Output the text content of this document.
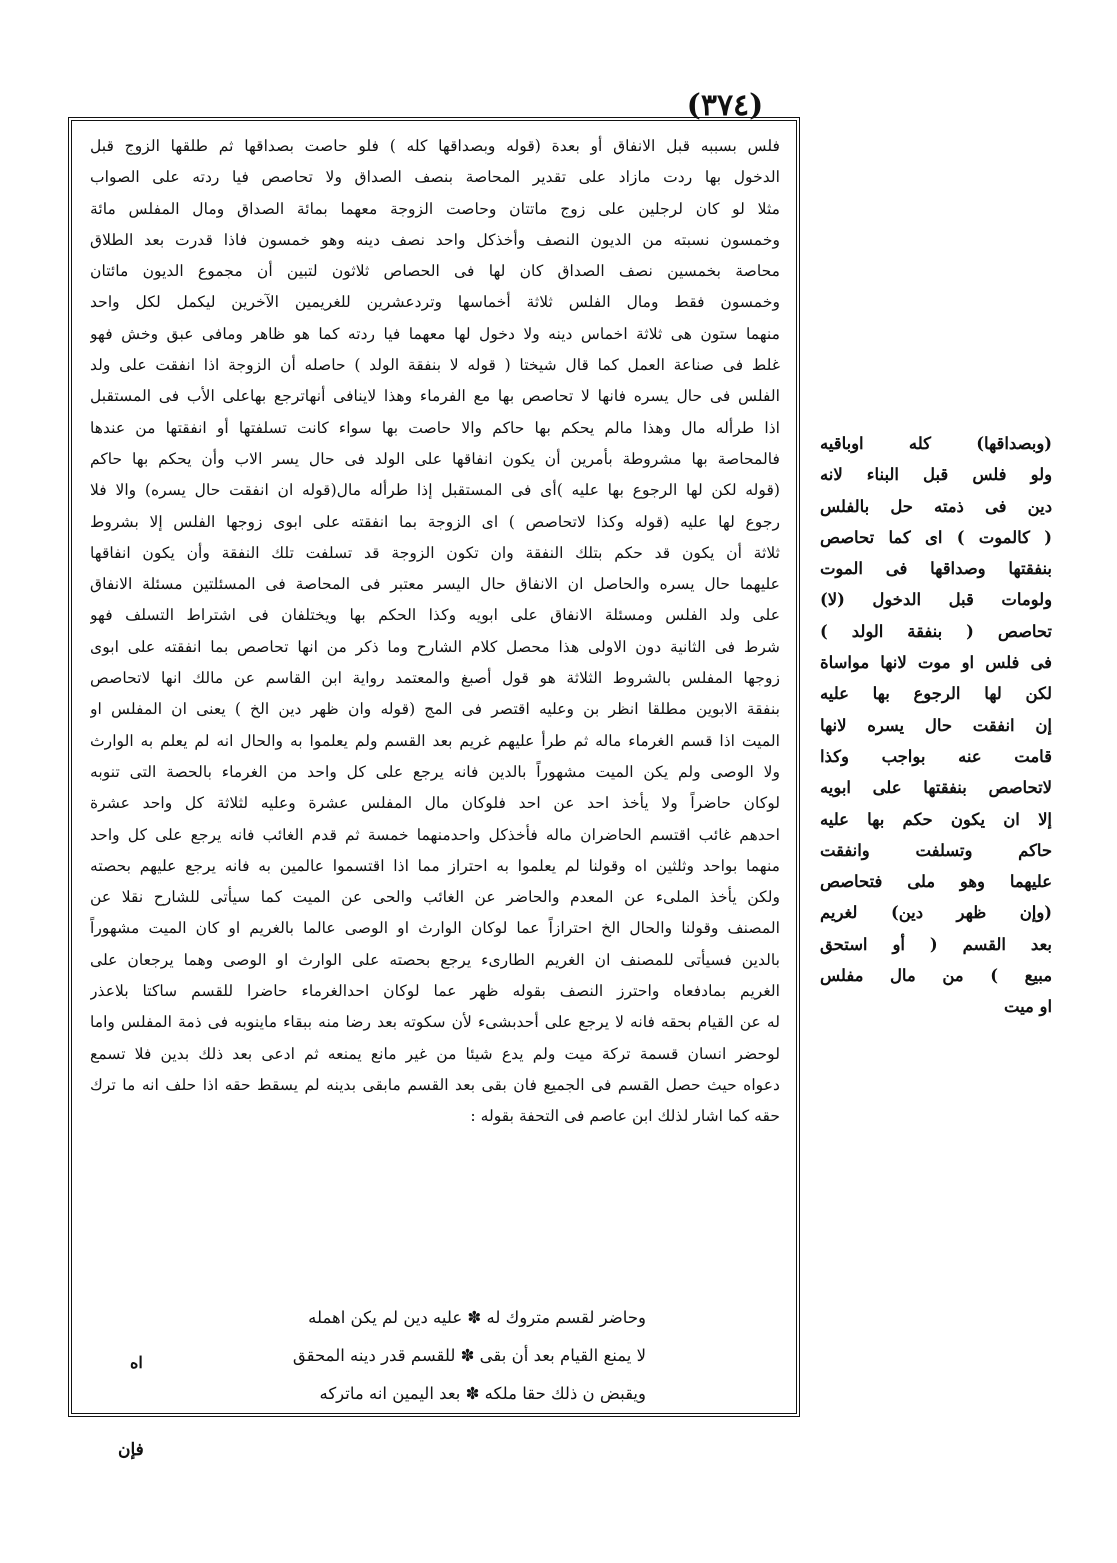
(٣٧٤)
فلس بسببه قبل الانفاق أو بعدة (قوله وبصداقها كله ) فلو حاصت بصداقها ثم طلقها الزوج قبل
الدخول بها ردت مازاد على تقدير المحاصة بنصف الصداق ولا تحاصص فيا ردته على الصواب
مثلا لو كان لرجلين على زوج ماتتان وحاصت الزوجة معهما بمائة الصداق ومال المفلس مائة
وخمسون نسبته من الديون النصف وأخذكل واحد نصف دينه وهو خمسون فاذا قدرت بعد الطلاق
محاصة بخمسين نصف الصداق كان لها فى الحصاص ثلاثون لتبين أن مجموع الديون مائتان
وخمسون فقط ومال الفلس ثلاثة أخماسها وتردعشرين للغريمين الآخرين ليكمل لكل واحد
منهما ستون هى ثلاثة اخماس دينه ولا دخول لها معهما فيا ردته كما هو ظاهر ومافى عبق وخش فهو
غلط فى صناعة العمل كما قال شيختا ( قوله لا بنفقة الولد ) حاصله أن الزوجة اذا انفقت على ولد
الفلس فى حال يسره فانها لا تحاصص بها مع الفرماء وهذا لاينافى أنهاترجع بهاعلى الأب فى المستقبل
اذا طرأله مال وهذا مالم يحكم بها حاكم والا حاصت بها سواء كانت تسلفتها أو انفقتها من عندها
فالمحاصة بها مشروطة بأمرين أن يكون انفاقها على الولد فى حال يسر الاب وأن يحكم بها حاكم
(قوله لكن لها الرجوع بها عليه )أى فى المستقبل إذا طرأله مال(قوله ان انفقت حال يسره) والا فلا
رجوع لها عليه (قوله وكذا لاتحاصص ) اى الزوجة بما انفقته على ابوى زوجها الفلس إلا بشروط
ثلاثة أن يكون قد حكم بتلك النفقة وان تكون الزوجة قد تسلفت تلك النفقة وأن يكون انفاقها
عليهما حال يسره والحاصل ان الانفاق حال اليسر معتبر فى المحاصة فى المسئلتين مسئلة الانفاق
على ولد الفلس ومسئلة الانفاق على ابويه وكذا الحكم بها ويختلفان فى اشتراط التسلف فهو
شرط فى الثانية دون الاولى هذا محصل كلام الشارح وما ذكر من انها تحاصص بما انفقته على ابوى
زوجها المفلس بالشروط الثلاثة هو قول أصبغ والمعتمد رواية ابن القاسم عن مالك انها لاتحاصص
بنفقة الابوين مطلقا انظر بن وعليه اقتصر فى المج (قوله وان ظهر دين الخ ) يعنى ان المفلس او
الميت اذا قسم الغرماء ماله ثم طرأ عليهم غريم بعد القسم ولم يعلموا به والحال انه لم يعلم به الوارث
ولا الوصى ولم يكن الميت مشهوراً بالدين فانه يرجع على كل واحد من الغرماء بالحصة التى تنوبه
لوكان حاضراً ولا يأخذ احد عن احد فلوكان مال المفلس عشرة وعليه لثلاثة كل واحد عشرة
احدهم غائب اقتسم الحاضران ماله فأخذكل واحدمنهما خمسة ثم قدم الغائب فانه يرجع على كل واحد
منهما بواحد وثلثين اه وقولنا لم يعلموا به احتراز مما اذا اقتسموا عالمين به فانه يرجع عليهم بحصته
ولكن يأخذ الملىء عن المعدم والحاضر عن الغائب والحى عن الميت كما سيأتى للشارح نقلا عن
المصنف وقولنا والحال الخ احترازاً عما لوكان الوارث او الوصى عالما بالغريم او كان الميت مشهوراً
بالدين فسيأتى للمصنف ان الغريم الطارىء يرجع بحصته على الوارث او الوصى وهما يرجعان على
الغريم بمادفعاه واحترز النصف بقوله ظهر عما لوكان احدالغرماء حاضرا للقسم ساكتا بلاعذر
له عن القيام بحقه فانه لا يرجع على أحدبشىء لأن سكوته بعد رضا منه ببقاء ماينوبه فى ذمة المفلس واما
لوحضر انسان قسمة تركة ميت ولم يدع شيئا من غير مانع يمنعه ثم ادعى بعد ذلك بدين فلا تسمع
دعواه حيث حصل القسم فى الجميع فان بقى بعد القسم مابقى بدينه لم يسقط حقه اذا حلف انه ما ترك
حقه كما اشار لذلك ابن عاصم فى التحفة بقوله :
وحاضر لقسم متروك له ✽ عليه دين لم يكن اهمله
لا يمنع القيام بعد أن بقى ✽ للقسم قدر دينه المحقق
ويقبض ن ذلك حقا ملكه ✽ بعد اليمين انه ماتركه
اه
(وبصداقها) كله اوباقيه
ولو فلس قبل البناء لانه
دين فى ذمته حل بالفلس
( كالموت ) اى كما تحاصص
بنفقتها وصداقها فى الموت
ولومات قبل الدخول (لا)
تحاصص ( بنفقة الولد )
فى فلس او موت لانها مواساة
لكن لها الرجوع بها عليه
إن انفقت حال يسره لانها
قامت عنه بواجب وكذا
لاتحاصص بنفقتها على ابويه
إلا ان يكون حكم بها عليه
حاكم وتسلفت وانفقت
عليهما وهو ملى فتحاصص
(وإن ظهر دين) لغريم
بعد القسم ( أو استحق
مبيع ) من مال مفلس
او ميت
فإن
